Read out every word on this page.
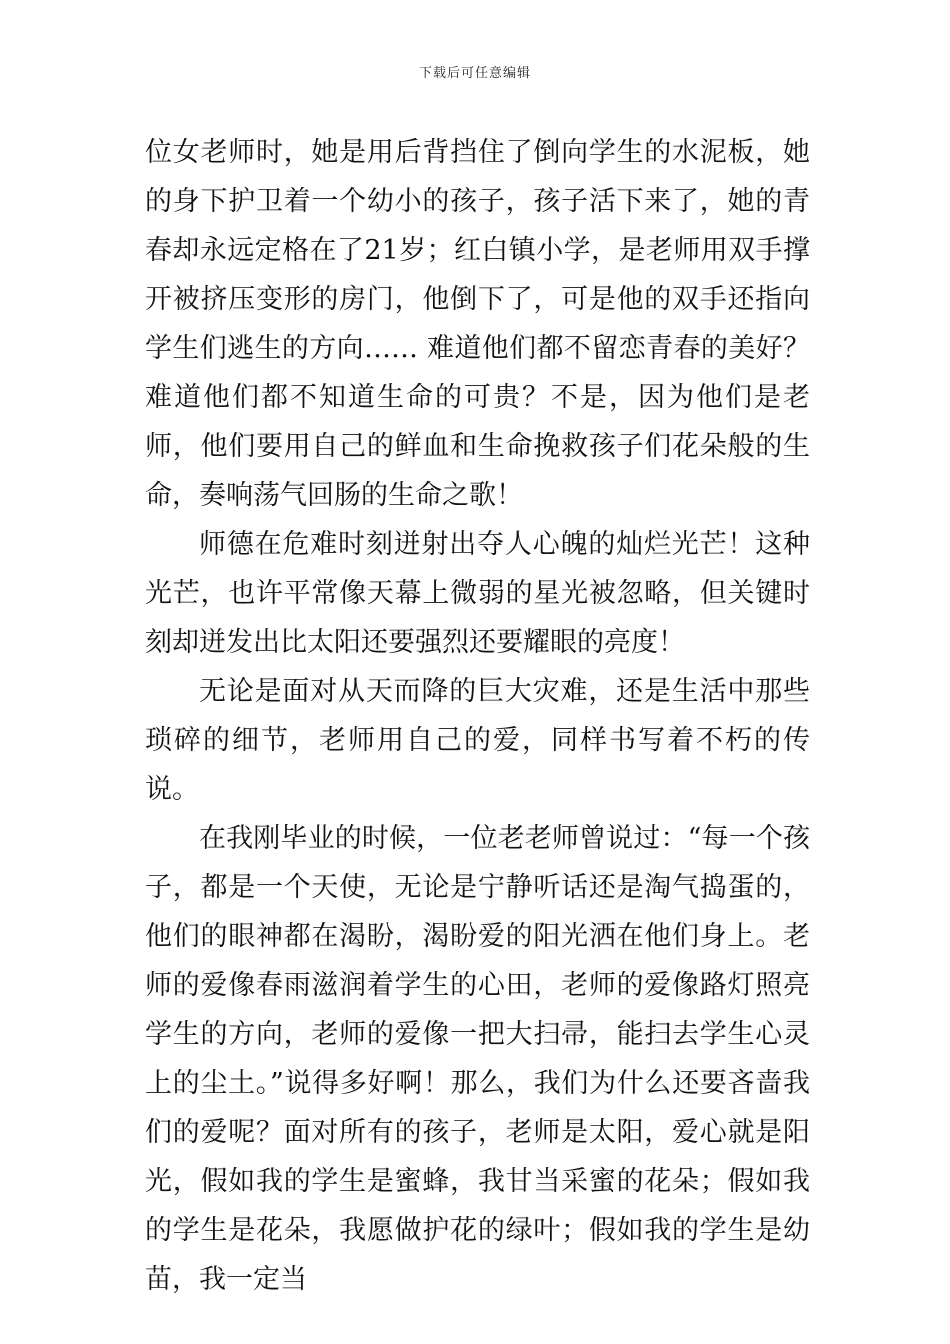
下载后可任意编辑

位女老师时，她是用后背挡住了倒向学生的水泥板，她的身下护卫着一个幼小的孩子，孩子活下来了，她的青春却永远定格在了21岁；红白镇小学，是老师用双手撑开被挤压变形的房门，他倒下了，可是他的双手还指向学生们逃生的方向…… 难道他们都不留恋青春的美好？难道他们都不知道生命的可贵？不是，因为他们是老师，他们要用自己的鲜血和生命挽救孩子们花朵般的生命，奏响荡气回肠的生命之歌！

师德在危难时刻迸射出夺人心魄的灿烂光芒！这种光芒，也许平常像天幕上微弱的星光被忽略，但关键时刻却迸发出比太阳还要强烈还要耀眼的亮度！

无论是面对从天而降的巨大灾难，还是生活中那些琐碎的细节，老师用自己的爱，同样书写着不朽的传说。

在我刚毕业的时候，一位老老师曾说过：“每一个孩子，都是一个天使，无论是宁静听话还是淘气捣蛋的，他们的眼神都在渴盼，渴盼爱的阳光洒在他们身上。老师的爱像春雨滋润着学生的心田，老师的爱像路灯照亮学生的方向，老师的爱像一把大扫帚，能扫去学生心灵上的尘土。”说得多好啊！那么，我们为什么还要吝啬我们的爱呢？面对所有的孩子，老师是太阳，爱心就是阳光，假如我的学生是蜜蜂，我甘当采蜜的花朵；假如我的学生是花朵，我愿做护花的绿叶；假如我的学生是幼苗，我一定当
